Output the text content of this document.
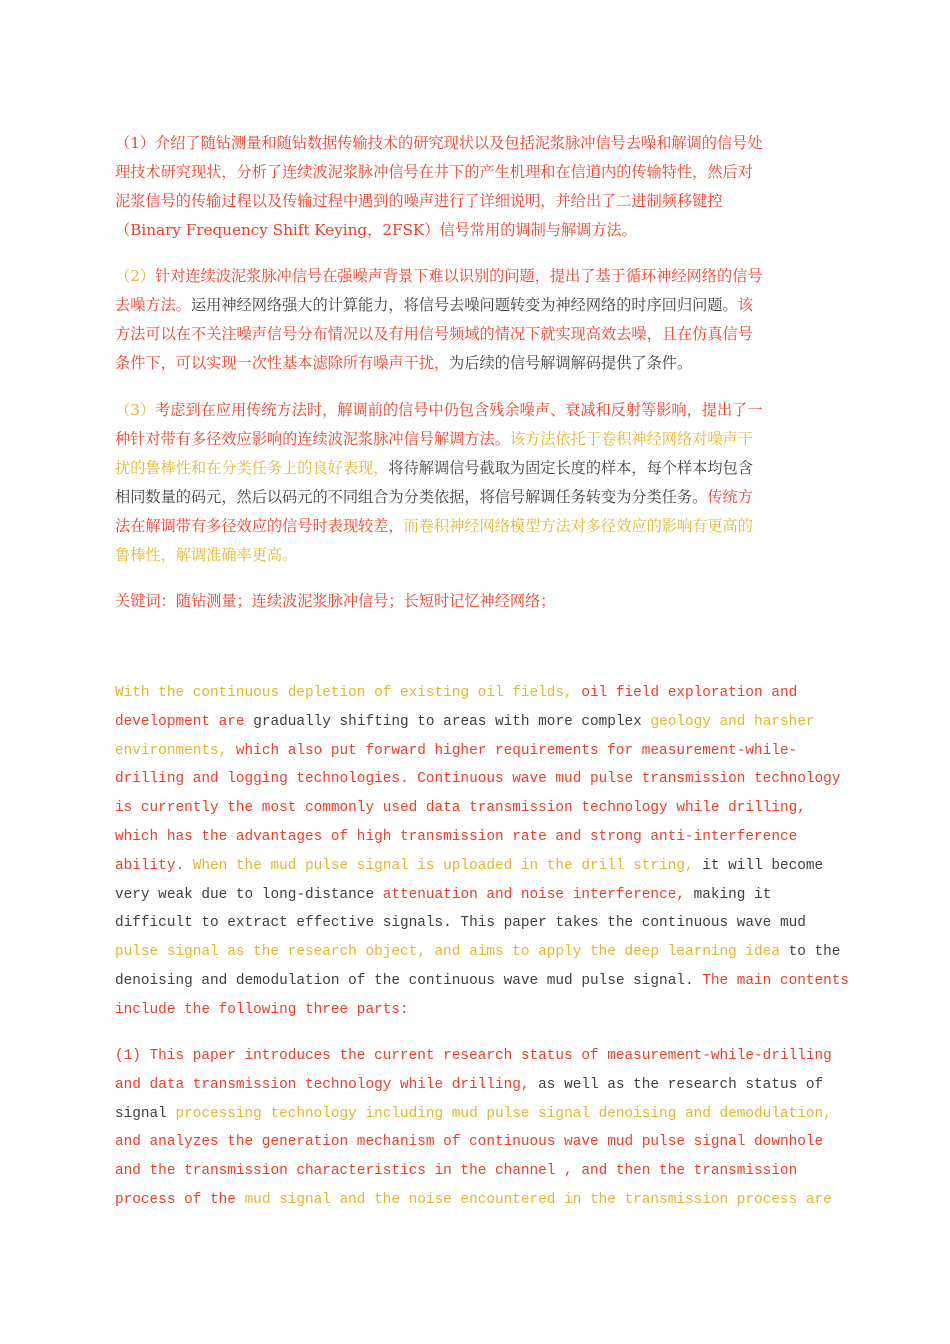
（1）介绍了随钻测量和随钻数据传输技术的研究现状以及包括泥浆脉冲信号去噪和解调的信号处
理技术研究现状，分析了连续波泥浆脉冲信号在井下的产生机理和在信道内的传输特性，然后对
泥浆信号的传输过程以及传输过程中遇到的噪声进行了详细说明，并给出了二进制频移键控
（Binary Frequency Shift Keying，2FSK）信号常用的调制与解调方法。
（2）针对连续波泥浆脉冲信号在强噪声背景下难以识别的问题，提出了基于循环神经网络的信号
去噪方法。运用神经网络强大的计算能力，将信号去噪问题转变为神经网络的时序回归问题。该
方法可以在不关注噪声信号分布情况以及有用信号频域的情况下就实现高效去噪，且在仿真信号
条件下，可以实现一次性基本滤除所有噪声干扰，为后续的信号解调解码提供了条件。
（3）考虑到在应用传统方法时，解调前的信号中仍包含残余噪声、衰减和反射等影响，提出了一
种针对带有多径效应影响的连续波泥浆脉冲信号解调方法。该方法依托于卷积神经网络对噪声干
扰的鲁棒性和在分类任务上的良好表现，将待解调信号截取为固定长度的样本，每个样本均包含
相同数量的码元，然后以码元的不同组合为分类依据，将信号解调任务转变为分类任务。传统方
法在解调带有多径效应的信号时表现较差，而卷积神经网络模型方法对多径效应的影响有更高的
鲁棒性，解调准确率更高。
关键词：随钻测量；连续波泥浆脉冲信号；长短时记忆神经网络；
With the continuous depletion of existing oil fields, oil field exploration and
development are gradually shifting to areas with more complex geology and harsher
environments, which also put forward higher requirements for measurement-while-
drilling and logging technologies. Continuous wave mud pulse transmission technology
is currently the most commonly used data transmission technology while drilling,
which has the advantages of high transmission rate and strong anti-interference
ability. When the mud pulse signal is uploaded in the drill string, it will become
very weak due to long-distance attenuation and noise interference, making it
difficult to extract effective signals. This paper takes the continuous wave mud
pulse signal as the research object, and aims to apply the deep learning idea to the
denoising and demodulation of the continuous wave mud pulse signal. The main contents
include the following three parts:
(1) This paper introduces the current research status of measurement-while-drilling
and data transmission technology while drilling, as well as the research status of
signal processing technology including mud pulse signal denoising and demodulation,
and analyzes the generation mechanism of continuous wave mud pulse signal downhole
and the transmission characteristics in the channel , and then the transmission
process of the mud signal and the noise encountered in the transmission process are
